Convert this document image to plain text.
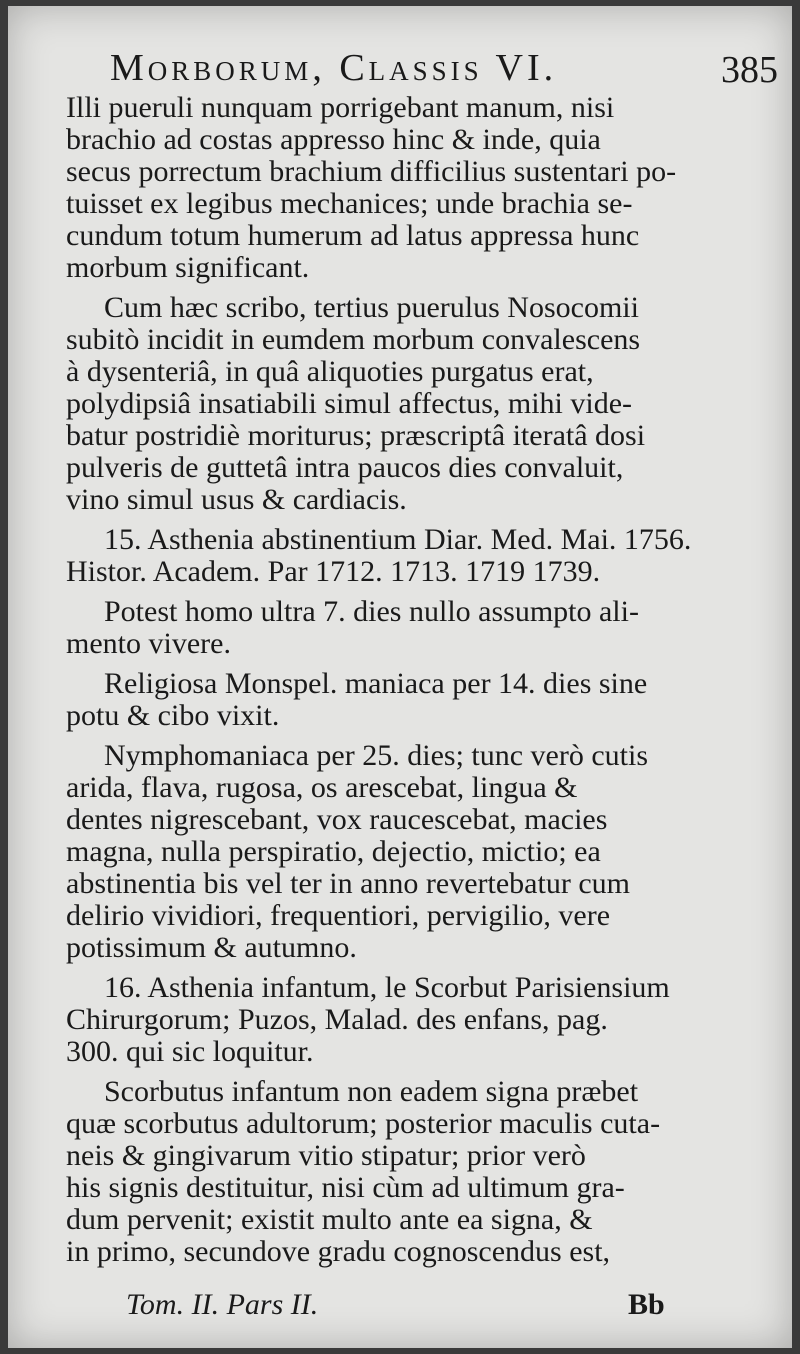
Morborum, Classis VI.	385
Illi pueruli nunquam porrigebant manum, nisi
brachio ad costas appresso hinc & inde, quia
secus porrectum brachium difficilius sustentari po-
tuisset ex legibus mechanices; unde brachia se-
cundum totum humerum ad latus appressa hunc
morbum significant.
Cum hæc scribo, tertius puerulus Nosocomii
subitò incidit in eumdem morbum convalescens
à dysenteriâ, in quâ aliquoties purgatus erat,
polydipsiâ insatiabili simul affectus, mihi vide-
batur postridiè moriturus; præscriptâ iteratâ dosi
pulveris de guttetâ intra paucos dies convaluit,
vino simul usus & cardiacis.
15. Asthenia abstinentium Diar. Med. Mai. 1756.
Histor. Academ. Par 1712. 1713. 1719 1739.
Potest homo ultra 7. dies nullo assumpto ali-
mento vivere.
Religiosa Monspel. maniaca per 14. dies sine
potu & cibo vixit.
Nymphomaniaca per 25. dies; tunc verò cutis
arida, flava, rugosa, os arescebat, lingua &
dentes nigrescebant, vox raucescebat, macies
magna, nulla perspiratio, dejectio, mictio; ea
abstinentia bis vel ter in anno revertebatur cum
delirio vividiori, frequentiori, pervigilio, vere
potissimum & autumno.
16. Asthenia infantum, le Scorbut Parisiensium
Chirurgorum; Puzos, Malad. des enfans, pag.
300. qui sic loquitur.
Scorbutus infantum non eadem signa præbet
quæ scorbutus adultorum; posterior maculis cuta-
neis & gingivarum vitio stipatur; prior verò
his signis destituitur, nisi cùm ad ultimum gra-
dum pervenit; existit multo ante ea signa, &
in primo, secundove gradu cognoscendus est,
Tom. II. Pars II.	Bb
